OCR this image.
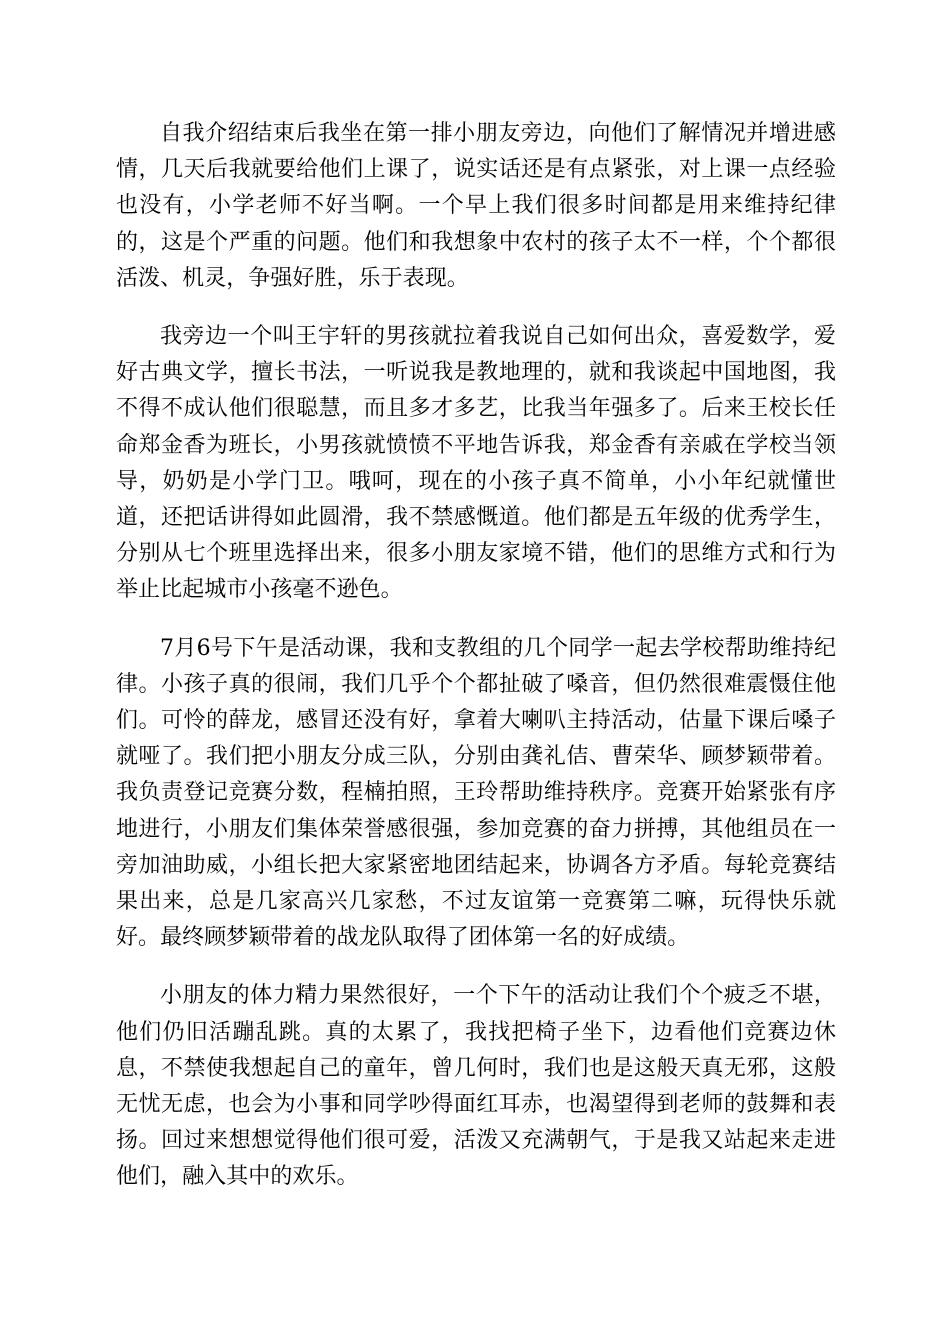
自我介绍结束后我坐在第一排小朋友旁边，向他们了解情况并增进感情，几天后我就要给他们上课了，说实话还是有点紧张，对上课一点经验也没有，小学老师不好当啊。一个早上我们很多时间都是用来维持纪律的，这是个严重的问题。他们和我想象中农村的孩子太不一样，个个都很活泼、机灵，争强好胜，乐于表现。

我旁边一个叫王宇轩的男孩就拉着我说自己如何出众，喜爱数学，爱好古典文学，擅长书法，一听说我是教地理的，就和我谈起中国地图，我不得不成认他们很聪慧，而且多才多艺，比我当年强多了。后来王校长任命郑金香为班长，小男孩就愤愤不平地告诉我，郑金香有亲戚在学校当领导，奶奶是小学门卫。哦呵，现在的小孩子真不简单，小小年纪就懂世道，还把话讲得如此圆滑，我不禁感慨道。他们都是五年级的优秀学生，分别从七个班里选择出来，很多小朋友家境不错，他们的思维方式和行为举止比起城市小孩毫不逊色。

7月6号下午是活动课，我和支教组的几个同学一起去学校帮助维持纪律。小孩子真的很闹，我们几乎个个都扯破了嗓音，但仍然很难震慑住他们。可怜的薛龙，感冒还没有好，拿着大喇叭主持活动，估量下课后嗓子就哑了。我们把小朋友分成三队，分别由龚礼佶、曹荣华、顾梦颖带着。我负责登记竞赛分数，程楠拍照，王玲帮助维持秩序。竞赛开始紧张有序地进行，小朋友们集体荣誉感很强，参加竞赛的奋力拼搏，其他组员在一旁加油助威，小组长把大家紧密地团结起来，协调各方矛盾。每轮竞赛结果出来，总是几家高兴几家愁，不过友谊第一竞赛第二嘛，玩得快乐就好。最终顾梦颖带着的战龙队取得了团体第一名的好成绩。

小朋友的体力精力果然很好，一个下午的活动让我们个个疲乏不堪，他们仍旧活蹦乱跳。真的太累了，我找把椅子坐下，边看他们竞赛边休息，不禁使我想起自己的童年，曾几何时，我们也是这般天真无邪，这般无忧无虑，也会为小事和同学吵得面红耳赤，也渴望得到老师的鼓舞和表扬。回过来想想觉得他们很可爱，活泼又充满朝气，于是我又站起来走进他们，融入其中的欢乐。
